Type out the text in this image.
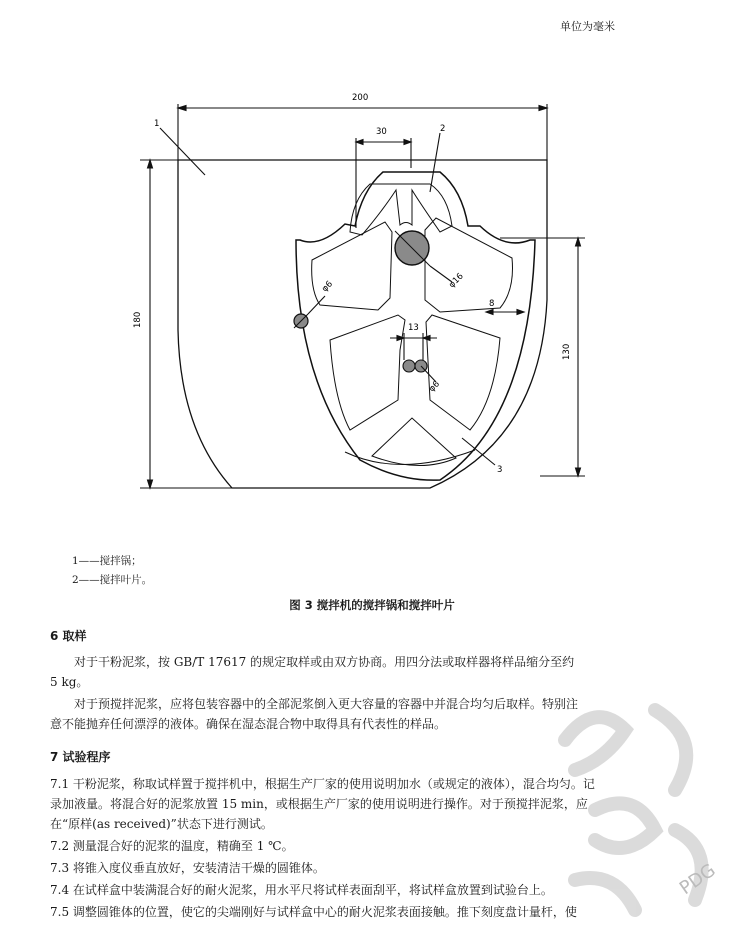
单位为毫米
200
30
180
130
φ16
φ6
φ6
8
13
1	2
3
1——搅拌锅；
2——搅拌叶片。
图 3 搅拌机的搅拌锅和搅拌叶片
6 取样
对于干粉泥浆，按 GB/T 17617 的规定取样或由双方协商。用四分法或取样器将样品缩分至约
5 kg。
对于预搅拌泥浆，应将包装容器中的全部泥浆倒入更大容量的容器中并混合均匀后取样。特别注
意不能抛弃任何漂浮的液体。确保在湿态混合物中取得具有代表性的样品。
7 试验程序
7.1 干粉泥浆，称取试样置于搅拌机中，根据生产厂家的使用说明加水（或规定的液体），混合均匀。记
录加液量。将混合好的泥浆放置 15 min，或根据生产厂家的使用说明进行操作。对于预搅拌泥浆，应
在“原样(as received)”状态下进行测试。
7.2 测量混合好的泥浆的温度，精确至 1 ℃。
7.3 将锥入度仪垂直放好，安装清洁干燥的圆锥体。
7.4 在试样盒中装满混合好的耐火泥浆，用水平尺将试样表面刮平，将试样盒放置到试验台上。
7.5 调整圆锥体的位置，使它的尖端刚好与试样盒中心的耐火泥浆表面接触。推下刻度盘计量杆，使
PDG
